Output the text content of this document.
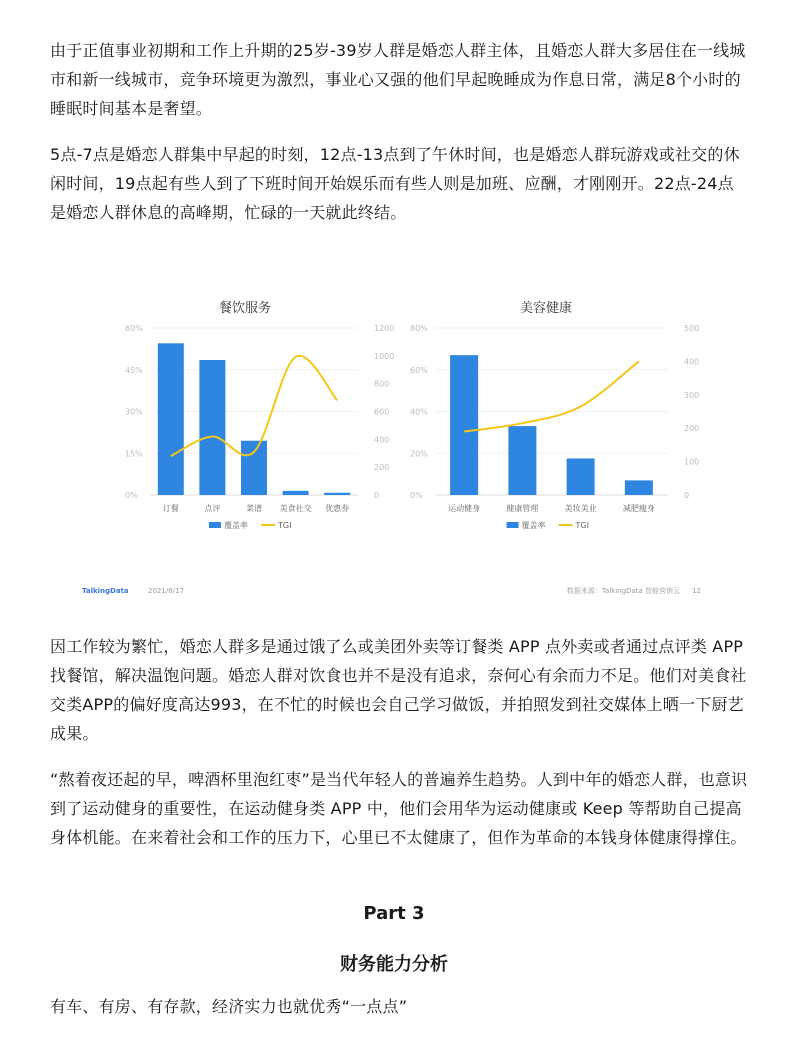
由于正值事业初期和工作上升期的25岁-39岁人群是婚恋人群主体，且婚恋人群大多居住在一线城市和新一线城市，竞争环境更为激烈，事业心又强的他们早起晚睡成为作息日常，满足8个小时的睡眠时间基本是奢望。

5点-7点是婚恋人群集中早起的时刻，12点-13点到了午休时间，也是婚恋人群玩游戏或社交的休闲时间，19点起有些人到了下班时间开始娱乐而有些人则是加班、应酬，才刚刚开。22点-24点是婚恋人群休息的高峰期，忙碌的一天就此终结。

餐饮服务
0%
15%
30%
45%
60%
0
200
400
600
800
1000
1200
订餐	点评	菜谱 美食社交 优惠券
覆盖率	TGI
美容健康
0%
20%
40%
60%
80%
0
100
200
300
400
500
运动健身	健康管理	美妆美业	减肥瘦身
覆盖率	TGI
TalkingData	2021/8/17	数据来源：TalkingData 智能营销云 12

因工作较为繁忙，婚恋人群多是通过饿了么或美团外卖等订餐类 APP 点外卖或者通过点评类 APP 找餐馆，解决温饱问题。婚恋人群对饮食也并不是没有追求，奈何心有余而力不足。他们对美食社交类APP的偏好度高达993，在不忙的时候也会自己学习做饭，并拍照发到社交媒体上晒一下厨艺成果。

“熬着夜还起的早，啤酒杯里泡红枣”是当代年轻人的普遍养生趋势。人到中年的婚恋人群，也意识到了运动健身的重要性，在运动健身类 APP 中，他们会用华为运动健康或 Keep 等帮助自己提高身体机能。在来着社会和工作的压力下，心里已不太健康了，但作为革命的本钱身体健康得撑住。

Part 3
财务能力分析

有车、有房、有存款，经济实力也就优秀“一点点”
